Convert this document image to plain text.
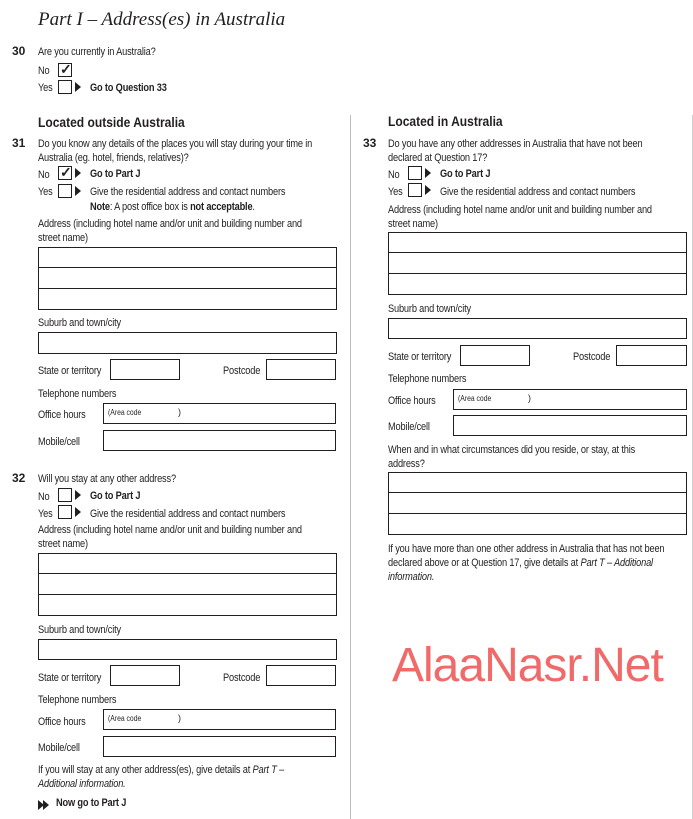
Part I – Address(es) in Australia
30 Are you currently in Australia?
No ✓
Yes	Go to Question 33
Located outside Australia
31 Do you know any details of the places you will stay during your time in
Australia (eg. hotel, friends, relatives)?
No ✓ Go to Part J
Yes	Give the residential address and contact numbers
Note: A post office box is not acceptable.
Address (including hotel name and/or unit and building number and
street name)
Suburb and town/city
State or territory	Postcode
Telephone numbers
Office hours	(Area code	)
Mobile/cell
32 Will you stay at any other address?
No	Go to Part J
Yes	Give the residential address and contact numbers
Address (including hotel name and/or unit and building number and
street name)
Suburb and town/city
State or territory	Postcode
Telephone numbers
Office hours	(Area code	)
Mobile/cell
If you will stay at any other address(es), give details at Part T –
Additional information.
Now go to Part J
Located in Australia
33 Do you have any other addresses in Australia that have not been
declared at Question 17?
No	Go to Part J
Yes	Give the residential address and contact numbers
Address (including hotel name and/or unit and building number and
street name)
Suburb and town/city
State or territory	Postcode
Telephone numbers
Office hours	(Area code	)
Mobile/cell
When and in what circumstances did you reside, or stay, at this
address?
If you have more than one other address in Australia that has not been
declared above or at Question 17, give details at Part T – Additional
information.
AlaaNasr.Net
